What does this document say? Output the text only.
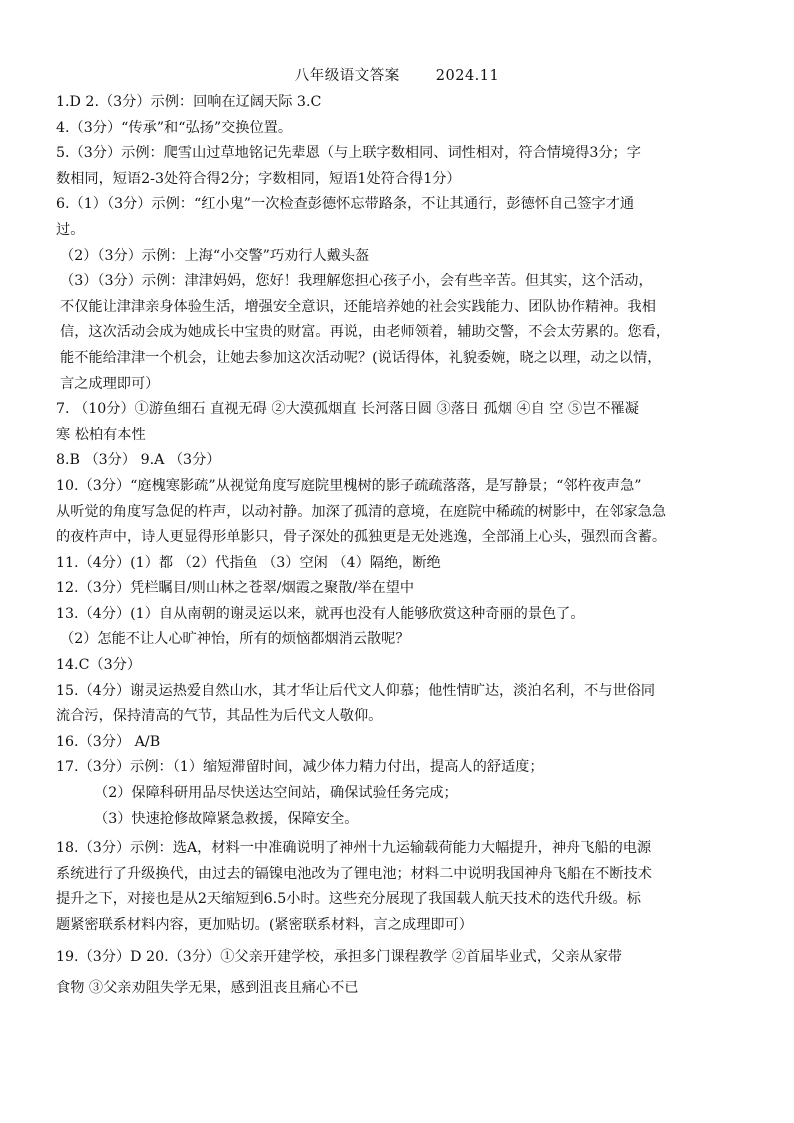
八年级语文答案 2024.11
1.D 2.（3分）示例：回响在辽阔天际 3.C
4.（3分）“传承”和“弘扬”交换位置。
5.（3分）示例：爬雪山过草地铭记先辈恩（与上联字数相同、词性相对，符合情境得3分；字
数相同，短语2-3处符合得2分；字数相同，短语1处符合得1分）
6.（1）（3分）示例：“红小鬼”一次检查彭德怀忘带路条，不让其通行，彭德怀自己签字才通
过。
（2）（3分）示例：上海“小交警”巧劝行人戴头盔
（3）（3分）示例：津津妈妈，您好！我理解您担心孩子小，会有些辛苦。但其实，这个活动，
不仅能让津津亲身体验生活，增强安全意识，还能培养她的社会实践能力、团队协作精神。我相
信，这次活动会成为她成长中宝贵的财富。再说，由老师领着，辅助交警，不会太劳累的。您看，
能不能给津津一个机会，让她去参加这次活动呢？(说话得体，礼貌委婉，晓之以理，动之以情，
言之成理即可）
7. （10分）①游鱼细石 直视无碍 ②大漠孤烟直 长河落日圆 ③落日 孤烟 ④自 空 ⑤岂不罹凝
寒 松柏有本性
8.B （3分） 9.A （3分）
10.（3分）“庭槐寒影疏”从视觉角度写庭院里槐树的影子疏疏落落，是写静景；“邻杵夜声急”
从听觉的角度写急促的杵声，以动衬静。加深了孤清的意境，在庭院中稀疏的树影中，在邻家急急
的夜杵声中，诗人更显得形单影只，骨子深处的孤独更是无处逃逸，全部涌上心头，强烈而含蓄。
11.（4分）(1）都 （2）代指鱼 （3）空闲 （4）隔绝，断绝
12.（3分）凭栏瞩目/则山林之苍翠/烟霞之聚散/举在望中
13.（4分）(1）自从南朝的谢灵运以来，就再也没有人能够欣赏这种奇丽的景色了。
（2）怎能不让人心旷神怡，所有的烦恼都烟消云散呢？
14.C（3分）
15.（4分）谢灵运热爱自然山水，其才华让后代文人仰慕；他性情旷达，淡泊名利，不与世俗同
流合污，保持清高的气节，其品性为后代文人敬仰。
16.（3分） A/B
17.（3分）示例：（1）缩短滞留时间，减少体力精力付出，提高人的舒适度；
（2）保障科研用品尽快送达空间站，确保试验任务完成；
（3）快速抢修故障紧急救援，保障安全。
18.（3分）示例：选A，材料一中准确说明了神州十九运输载荷能力大幅提升，神舟飞船的电源
系统进行了升级换代，由过去的镉镍电池改为了锂电池；材料二中说明我国神舟飞船在不断技术
提升之下，对接也是从2天缩短到6.5小时。这些充分展现了我国载人航天技术的迭代升级。标
题紧密联系材料内容，更加贴切。(紧密联系材料，言之成理即可）
19.（3分）D 20.（3分）①父亲开建学校，承担多门课程教学 ②首届毕业式，父亲从家带
食物 ③父亲劝阻失学无果，感到沮丧且痛心不已
